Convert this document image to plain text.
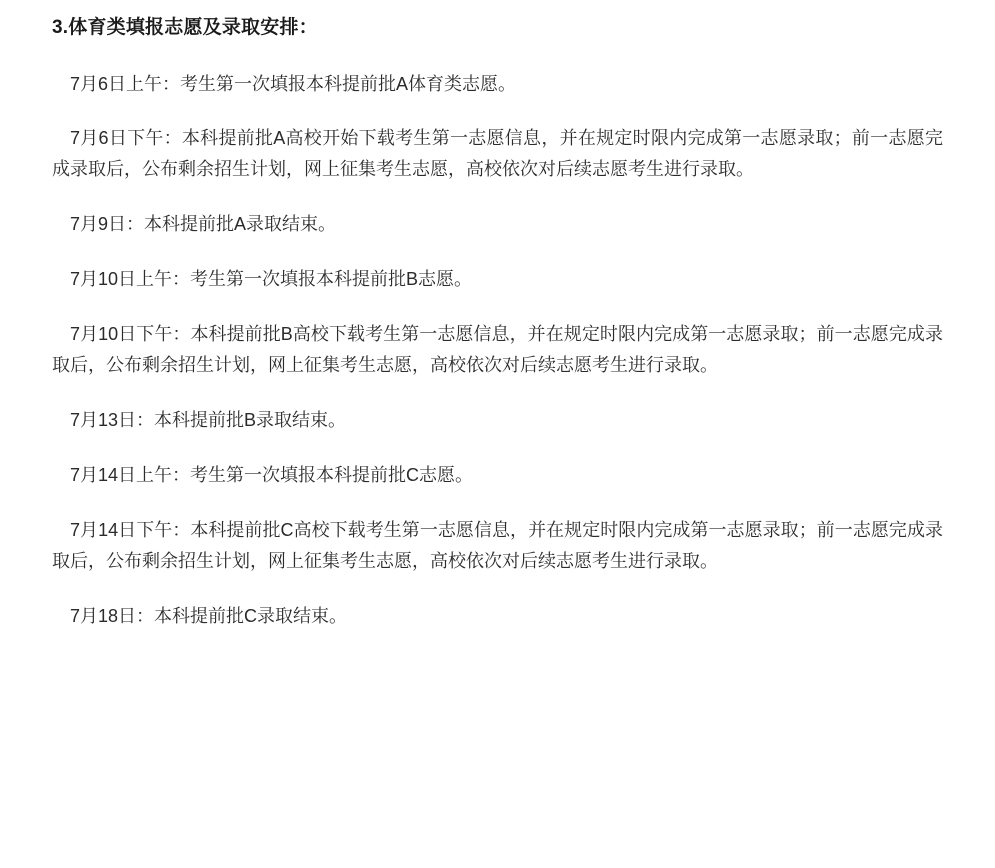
3.体育类填报志愿及录取安排：

7月6日上午：考生第一次填报本科提前批A体育类志愿。

7月6日下午：本科提前批A高校开始下载考生第一志愿信息，并在规定时限内完成第一志愿录取；前一志愿完成录取后，公布剩余招生计划，网上征集考生志愿，高校依次对后续志愿考生进行录取。

7月9日：本科提前批A录取结束。

7月10日上午：考生第一次填报本科提前批B志愿。

7月10日下午：本科提前批B高校下载考生第一志愿信息，并在规定时限内完成第一志愿录取；前一志愿完成录取后，公布剩余招生计划，网上征集考生志愿，高校依次对后续志愿考生进行录取。

7月13日：本科提前批B录取结束。

7月14日上午：考生第一次填报本科提前批C志愿。

7月14日下午：本科提前批C高校下载考生第一志愿信息，并在规定时限内完成第一志愿录取；前一志愿完成录取后，公布剩余招生计划，网上征集考生志愿，高校依次对后续志愿考生进行录取。

7月18日：本科提前批C录取结束。
